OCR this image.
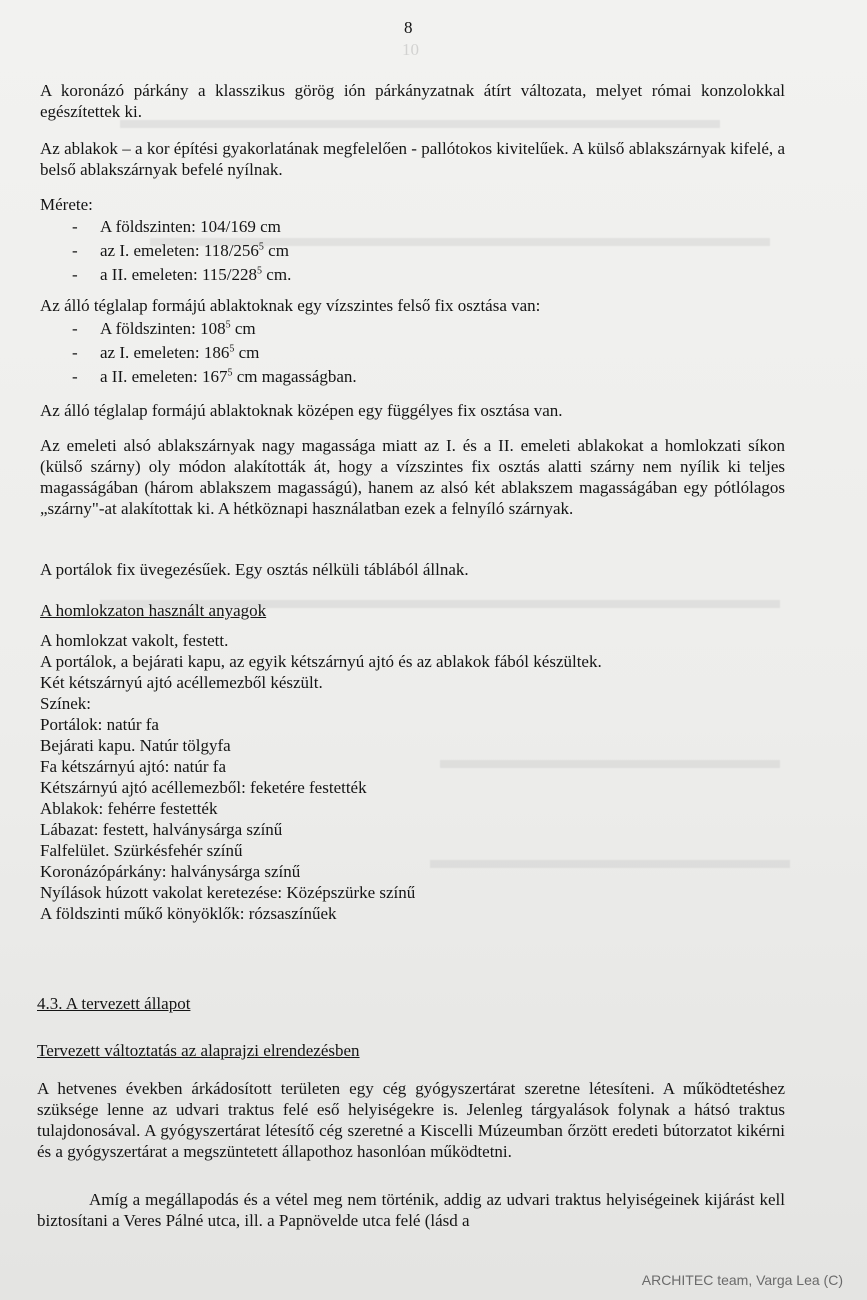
8
10

A koronázó párkány a klasszikus görög ión párkányzatnak átírt változata, melyet római konzolokkal egészítettek ki.

Az ablakok – a kor építési gyakorlatának megfelelően - pallótokos kivitelűek. A külső ablakszárnyak kifelé, a belső ablakszárnyak befelé nyílnak.

Mérete:

- A földszinten: 104/169 cm
- az I. emeleten: $118/256^5$ cm
- a II. emeleten: $115/228^5$ cm.

Az álló téglalap formájú ablaktoknak egy vízszintes felső fix osztása van:

- A földszinten: $108^5$ cm
- az I. emeleten: $186^5$ cm
- a II. emeleten: $167^5$ cm magasságban.

Az álló téglalap formájú ablaktoknak középen egy függélyes fix osztása van.

Az emeleti alsó ablakszárnyak nagy magassága miatt az I. és a II. emeleti ablakokat a homlokzati síkon (külső szárny) oly módon alakították át, hogy a vízszintes fix osztás alatti szárny nem nyílik ki teljes magasságában (három ablakszem magasságú), hanem az alsó két ablakszem magasságában egy pótlólagos „szárny"-at alakítottak ki. A hétköznapi használatban ezek a felnyíló szárnyak.

A portálok fix üvegezésűek. Egy osztás nélküli táblából állnak.

A homlokzaton használt anyagok

A homlokzat vakolt, festett.

A portálok, a bejárati kapu, az egyik kétszárnyú ajtó és az ablakok fából készültek.

Két kétszárnyú ajtó acéllemezből készült.

Színek:

Portálok: natúr fa

Bejárati kapu. Natúr tölgyfa

Fa kétszárnyú ajtó: natúr fa

Kétszárnyú ajtó acéllemezből: feketére festették

Ablakok: fehérre festették

Lábazat: festett, halványsárga színű

Falfelület. Szürkésfehér színű

Koronázópárkány: halványsárga színű

Nyílások húzott vakolat keretezése: Középszürke színű

A földszinti műkő könyöklők: rózsaszínűek

4.3. A tervezett állapot

Tervezett változtatás az alaprajzi elrendezésben

A hetvenes években árkádosított területen egy cég gyógyszertárat szeretne létesíteni. A működtetéshez szüksége lenne az udvari traktus felé eső helyiségekre is. Jelenleg tárgyalások folynak a hátsó traktus tulajdonosával. A gyógyszertárat létesítő cég szeretné a Kiscelli Múzeumban őrzött eredeti bútorzatot kikérni és a gyógyszertárat a megszüntetett állapothoz hasonlóan működtetni.

Amíg a megállapodás és a vétel meg nem történik, addig az udvari traktus helyiségeinek kijárást kell biztosítani a Veres Pálné utca, ill. a Papnövelde utca felé (lásd a

ARCHITEC team, Varga Lea (C)
